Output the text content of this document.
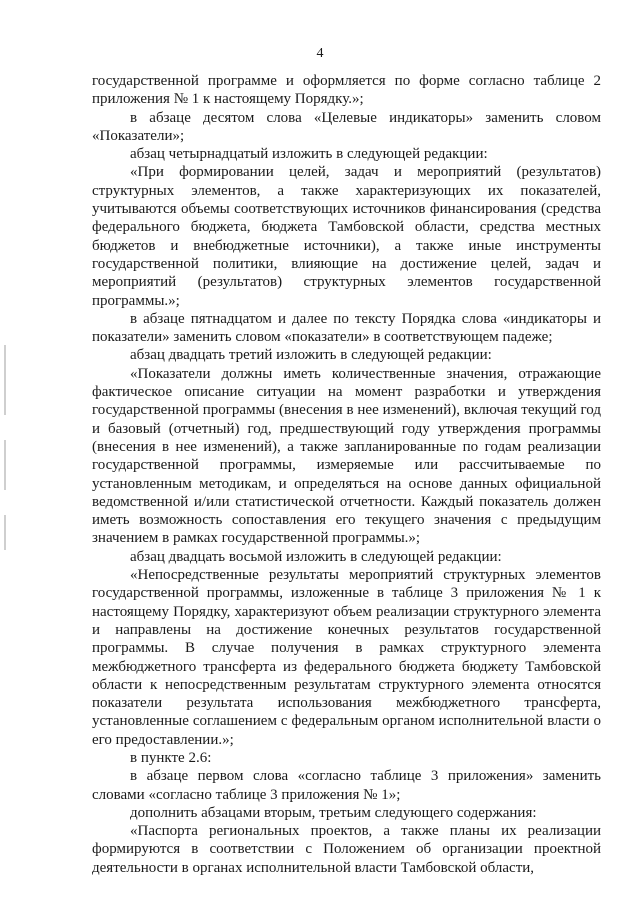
4

государственной программе и оформляется по форме согласно таблице 2 приложения № 1 к настоящему Порядку.»;

в абзаце десятом слова «Целевые индикаторы» заменить словом «Показатели»;

абзац четырнадцатый изложить в следующей редакции:

«При формировании целей, задач и мероприятий (результатов) структурных элементов, а также характеризующих их показателей, учитываются объемы соответствующих источников финансирования (средства федерального бюджета, бюджета Тамбовской области, средства местных бюджетов и внебюджетные источники), а также иные инструменты государственной политики, влияющие на достижение целей, задач и мероприятий (результатов) структурных элементов государственной программы.»;

в абзаце пятнадцатом и далее по тексту Порядка слова «индикаторы и показатели» заменить словом «показатели» в соответствующем падеже;

абзац двадцать третий изложить в следующей редакции:

«Показатели должны иметь количественные значения, отражающие фактическое описание ситуации на момент разработки и утверждения государственной программы (внесения в нее изменений), включая текущий год и базовый (отчетный) год, предшествующий году утверждения программы (внесения в нее изменений), а также запланированные по годам реализации государственной программы, измеряемые или рассчитываемые по установленным методикам, и определяться на основе данных официальной ведомственной и/или статистической отчетности. Каждый показатель должен иметь возможность сопоставления его текущего значения с предыдущим значением в рамках государственной программы.»;

абзац двадцать восьмой изложить в следующей редакции:

«Непосредственные результаты мероприятий структурных элементов государственной программы, изложенные в таблице 3 приложения № 1 к настоящему Порядку, характеризуют объем реализации структурного элемента и направлены на достижение конечных результатов государственной программы. В случае получения в рамках структурного элемента межбюджетного трансферта из федерального бюджета бюджету Тамбовской области к непосредственным результатам структурного элемента относятся показатели результата использования межбюджетного трансферта, установленные соглашением с федеральным органом исполнительной власти о его предоставлении.»;

в пункте 2.6:

в абзаце первом слова «согласно таблице 3 приложения» заменить словами «согласно таблице 3 приложения № 1»;

дополнить абзацами вторым, третьим следующего содержания:

«Паспорта региональных проектов, а также планы их реализации формируются в соответствии с Положением об организации проектной деятельности в органах исполнительной власти Тамбовской области,
